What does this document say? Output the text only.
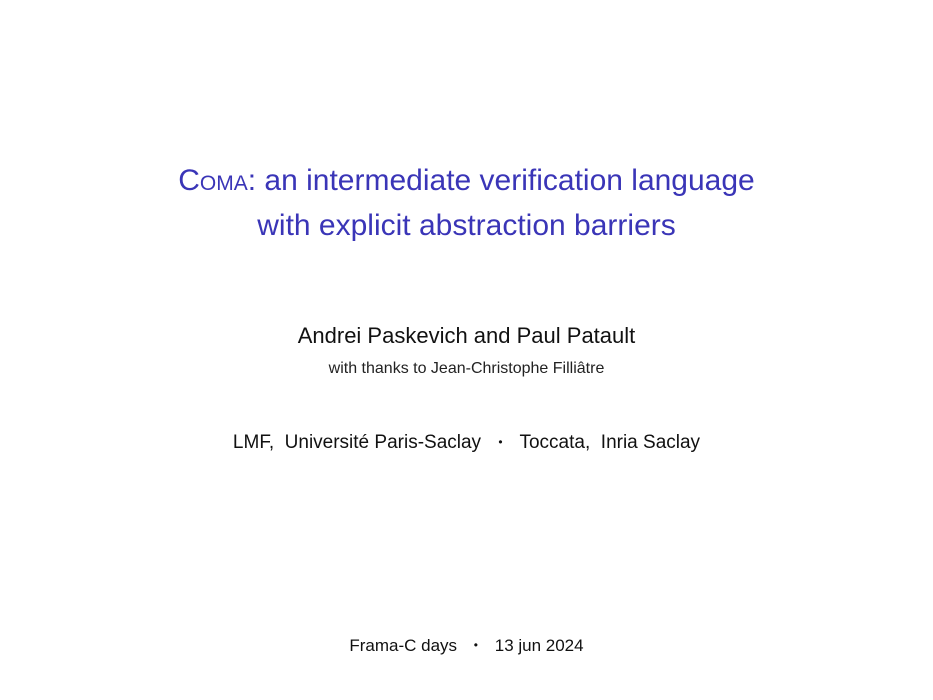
Coma: an intermediate verification language
with explicit abstraction barriers
Andrei Paskevich and Paul Patault
with thanks to Jean-Christophe Filliâtre
LMF,  Université Paris-Saclay • Toccata,  Inria Saclay
Frama-C days • 13 jun 2024
